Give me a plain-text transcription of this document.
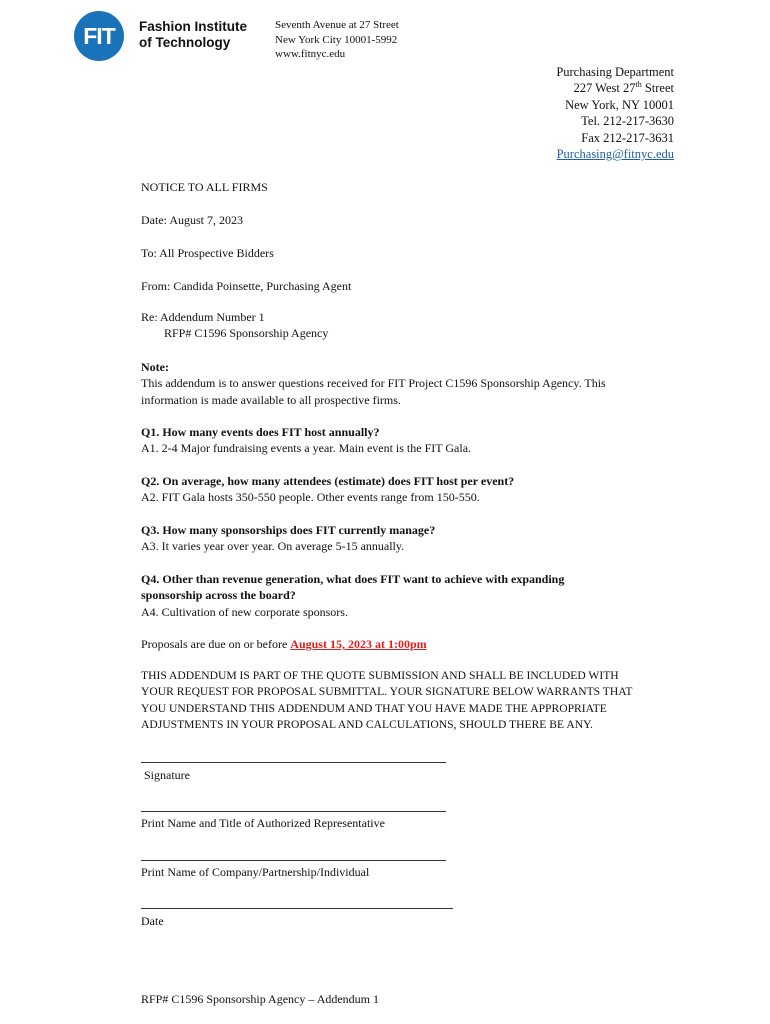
FIT	Fashion Institute
of Technology
Seventh Avenue at 27 Street
New York City 10001-5992
www.fitnyc.edu
Purchasing Department
227 West 27th Street
New York, NY 10001
Tel. 212-217-3630
Fax 212-217-3631
Purchasing@fitnyc.edu
NOTICE TO ALL FIRMS
Date: August 7, 2023
To: All Prospective Bidders
From: Candida Poinsette, Purchasing Agent
Re: Addendum Number 1
RFP# C1596 Sponsorship Agency
Note:
This addendum is to answer questions received for FIT Project C1596 Sponsorship Agency. This
information is made available to all prospective firms.
Q1. How many events does FIT host annually?
A1. 2-4 Major fundraising events a year. Main event is the FIT Gala.
Q2. On average, how many attendees (estimate) does FIT host per event?
A2. FIT Gala hosts 350-550 people. Other events range from 150-550.
Q3. How many sponsorships does FIT currently manage?
A3. It varies year over year. On average 5-15 annually.
Q4. Other than revenue generation, what does FIT want to achieve with expanding
sponsorship across the board?
A4. Cultivation of new corporate sponsors.
Proposals are due on or before August 15, 2023 at 1:00pm
THIS ADDENDUM IS PART OF THE QUOTE SUBMISSION AND SHALL BE INCLUDED WITH
YOUR REQUEST FOR PROPOSAL SUBMITTAL. YOUR SIGNATURE BELOW WARRANTS THAT
YOU UNDERSTAND THIS ADDENDUM AND THAT YOU HAVE MADE THE APPROPRIATE
ADJUSTMENTS IN YOUR PROPOSAL AND CALCULATIONS, SHOULD THERE BE ANY.
Signature
Print Name and Title of Authorized Representative
Print Name of Company/Partnership/Individual
Date
RFP# C1596 Sponsorship Agency – Addendum 1
